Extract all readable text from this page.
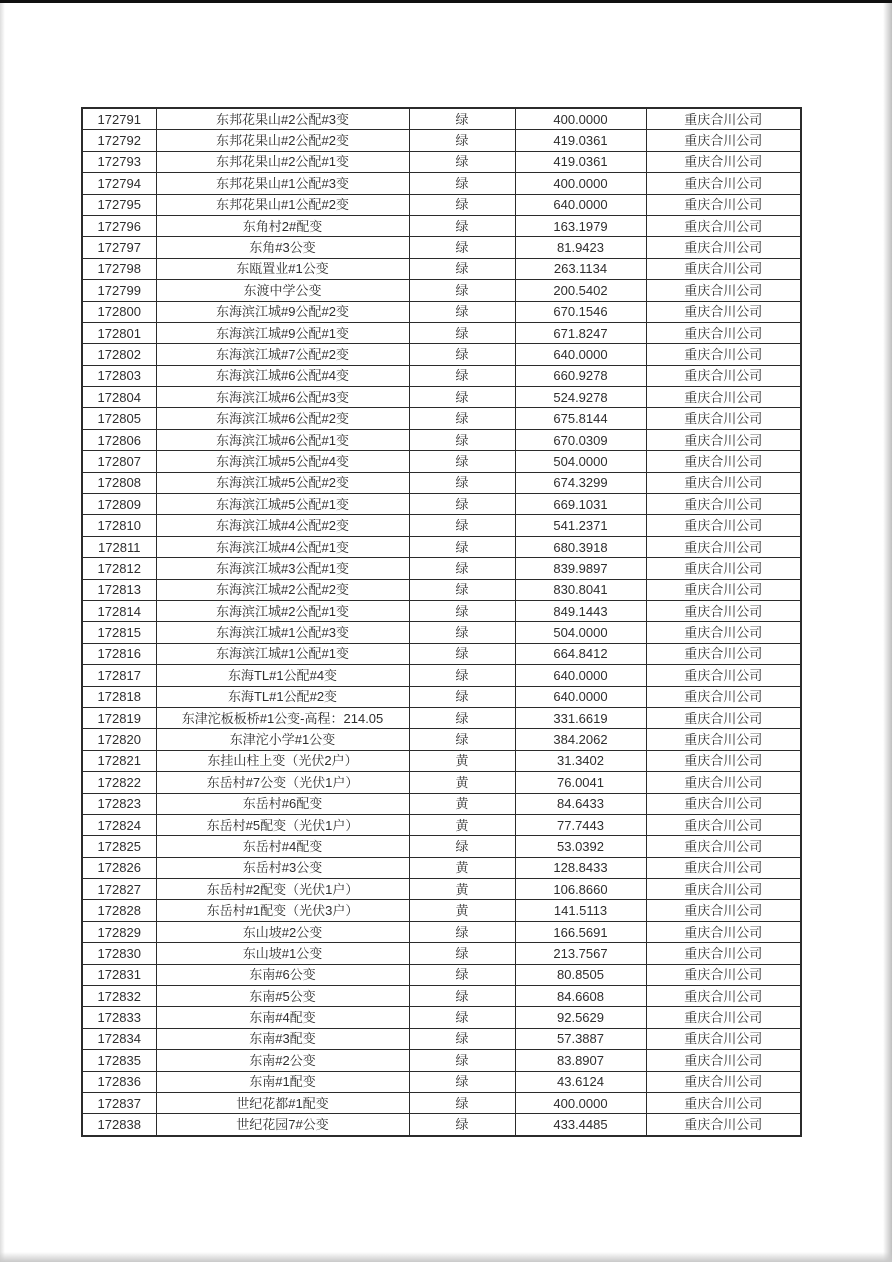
172791	东邦花果山#2公配#3变	绿	400.0000	重庆合川公司
172792	东邦花果山#2公配#2变	绿	419.0361	重庆合川公司
172793	东邦花果山#2公配#1变	绿	419.0361	重庆合川公司
172794	东邦花果山#1公配#3变	绿	400.0000	重庆合川公司
172795	东邦花果山#1公配#2变	绿	640.0000	重庆合川公司
172796	东角村2#配变	绿	163.1979	重庆合川公司
172797	东角#3公变	绿	81.9423	重庆合川公司
172798	东瓯置业#1公变	绿	263.1134	重庆合川公司
172799	东渡中学公变	绿	200.5402	重庆合川公司
172800	东海滨江城#9公配#2变	绿	670.1546	重庆合川公司
172801	东海滨江城#9公配#1变	绿	671.8247	重庆合川公司
172802	东海滨江城#7公配#2变	绿	640.0000	重庆合川公司
172803	东海滨江城#6公配#4变	绿	660.9278	重庆合川公司
172804	东海滨江城#6公配#3变	绿	524.9278	重庆合川公司
172805	东海滨江城#6公配#2变	绿	675.8144	重庆合川公司
172806	东海滨江城#6公配#1变	绿	670.0309	重庆合川公司
172807	东海滨江城#5公配#4变	绿	504.0000	重庆合川公司
172808	东海滨江城#5公配#2变	绿	674.3299	重庆合川公司
172809	东海滨江城#5公配#1变	绿	669.1031	重庆合川公司
172810	东海滨江城#4公配#2变	绿	541.2371	重庆合川公司
172811	东海滨江城#4公配#1变	绿	680.3918	重庆合川公司
172812	东海滨江城#3公配#1变	绿	839.9897	重庆合川公司
172813	东海滨江城#2公配#2变	绿	830.8041	重庆合川公司
172814	东海滨江城#2公配#1变	绿	849.1443	重庆合川公司
172815	东海滨江城#1公配#3变	绿	504.0000	重庆合川公司
172816	东海滨江城#1公配#1变	绿	664.8412	重庆合川公司
172817	东海TL#1公配#4变	绿	640.0000	重庆合川公司
172818	东海TL#1公配#2变	绿	640.0000	重庆合川公司
172819	东津沱板板桥#1公变-高程：214.05	绿	331.6619	重庆合川公司
172820	东津沱小学#1公变	绿	384.2062	重庆合川公司
172821	东挂山柱上变（光伏2户）	黄	31.3402	重庆合川公司
172822	东岳村#7公变（光伏1户）	黄	76.0041	重庆合川公司
172823	东岳村#6配变	黄	84.6433	重庆合川公司
172824	东岳村#5配变（光伏1户）	黄	77.7443	重庆合川公司
172825	东岳村#4配变	绿	53.0392	重庆合川公司
172826	东岳村#3公变	黄	128.8433	重庆合川公司
172827	东岳村#2配变（光伏1户）	黄	106.8660	重庆合川公司
172828	东岳村#1配变（光伏3户）	黄	141.5113	重庆合川公司
172829	东山坡#2公变	绿	166.5691	重庆合川公司
172830	东山坡#1公变	绿	213.7567	重庆合川公司
172831	东南#6公变	绿	80.8505	重庆合川公司
172832	东南#5公变	绿	84.6608	重庆合川公司
172833	东南#4配变	绿	92.5629	重庆合川公司
172834	东南#3配变	绿	57.3887	重庆合川公司
172835	东南#2公变	绿	83.8907	重庆合川公司
172836	东南#1配变	绿	43.6124	重庆合川公司
172837	世纪花都#1配变	绿	400.0000	重庆合川公司
172838	世纪花园7#公变	绿	433.4485	重庆合川公司
